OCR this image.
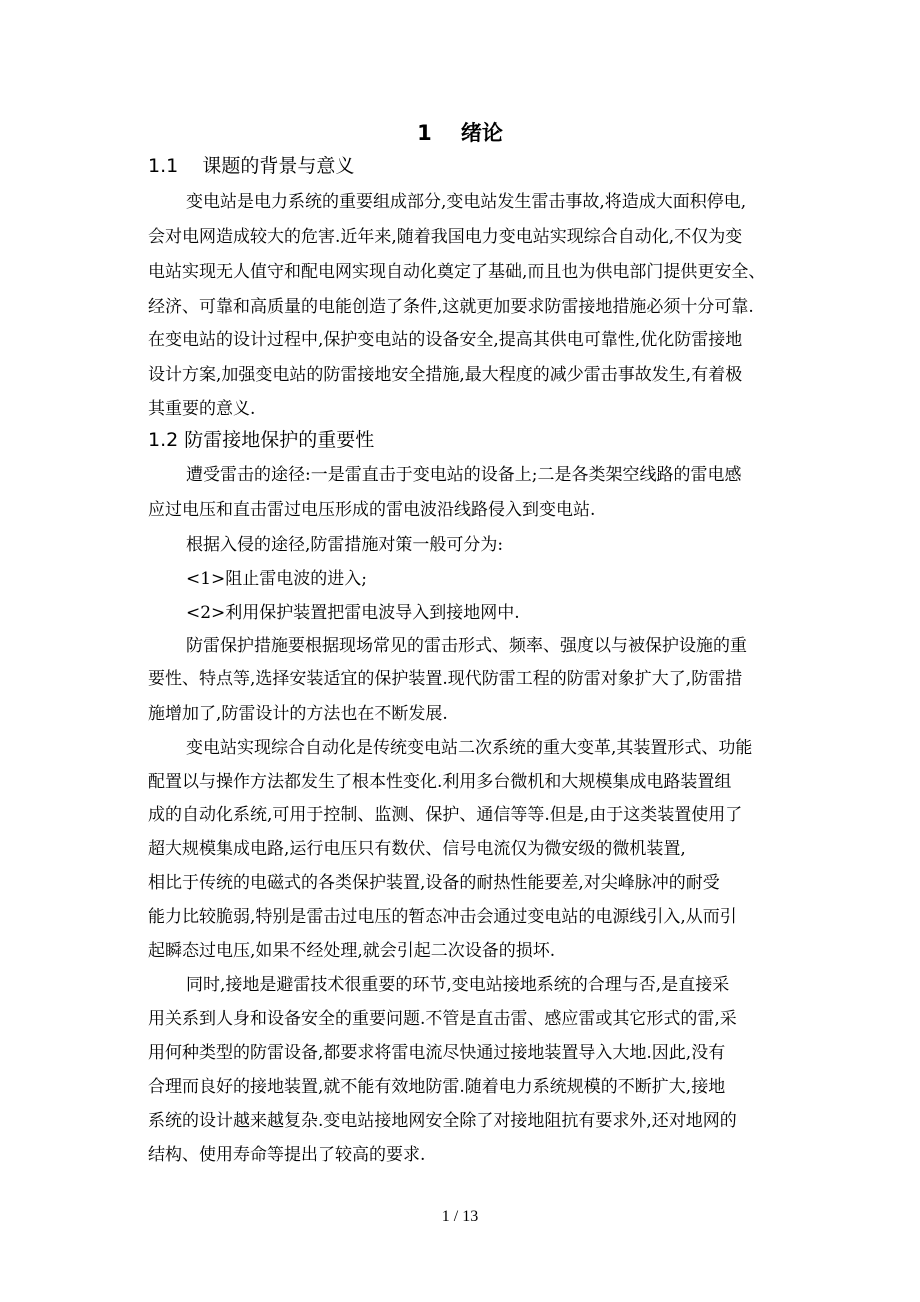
1    绪论
1.1    课题的背景与意义
变电站是电力系统的重要组成部分,变电站发生雷击事故,将造成大面积停电,
会对电网造成较大的危害.近年来,随着我国电力变电站实现综合自动化,不仅为变
电站实现无人值守和配电网实现自动化奠定了基础,而且也为供电部门提供更安全、
经济、可靠和高质量的电能创造了条件,这就更加要求防雷接地措施必须十分可靠.
在变电站的设计过程中,保护变电站的设备安全,提高其供电可靠性,优化防雷接地
设计方案,加强变电站的防雷接地安全措施,最大程度的减少雷击事故发生,有着极
其重要的意义.
1.2 防雷接地保护的重要性
遭受雷击的途径:一是雷直击于变电站的设备上;二是各类架空线路的雷电感
应过电压和直击雷过电压形成的雷电波沿线路侵入到变电站.
根据入侵的途径,防雷措施对策一般可分为:
<1>阻止雷电波的进入;
<2>利用保护装置把雷电波导入到接地网中.
防雷保护措施要根据现场常见的雷击形式、频率、强度以与被保护设施的重
要性、特点等,选择安装适宜的保护装置.现代防雷工程的防雷对象扩大了,防雷措
施增加了,防雷设计的方法也在不断发展.
变电站实现综合自动化是传统变电站二次系统的重大变革,其装置形式、功能
配置以与操作方法都发生了根本性变化.利用多台微机和大规模集成电路装置组
成的自动化系统,可用于控制、监测、保护、通信等等.但是,由于这类装置使用了
超大规模集成电路,运行电压只有数伏、信号电流仅为微安级的微机装置,
相比于传统的电磁式的各类保护装置,设备的耐热性能要差,对尖峰脉冲的耐受
能力比较脆弱,特别是雷击过电压的暂态冲击会通过变电站的电源线引入,从而引
起瞬态过电压,如果不经处理,就会引起二次设备的损坏.
同时,接地是避雷技术很重要的环节,变电站接地系统的合理与否,是直接采
用关系到人身和设备安全的重要问题.不管是直击雷、感应雷或其它形式的雷,采
用何种类型的防雷设备,都要求将雷电流尽快通过接地装置导入大地.因此,没有
合理而良好的接地装置,就不能有效地防雷.随着电力系统规模的不断扩大,接地
系统的设计越来越复杂.变电站接地网安全除了对接地阻抗有要求外,还对地网的
结构、使用寿命等提出了较高的要求.
1 / 13
